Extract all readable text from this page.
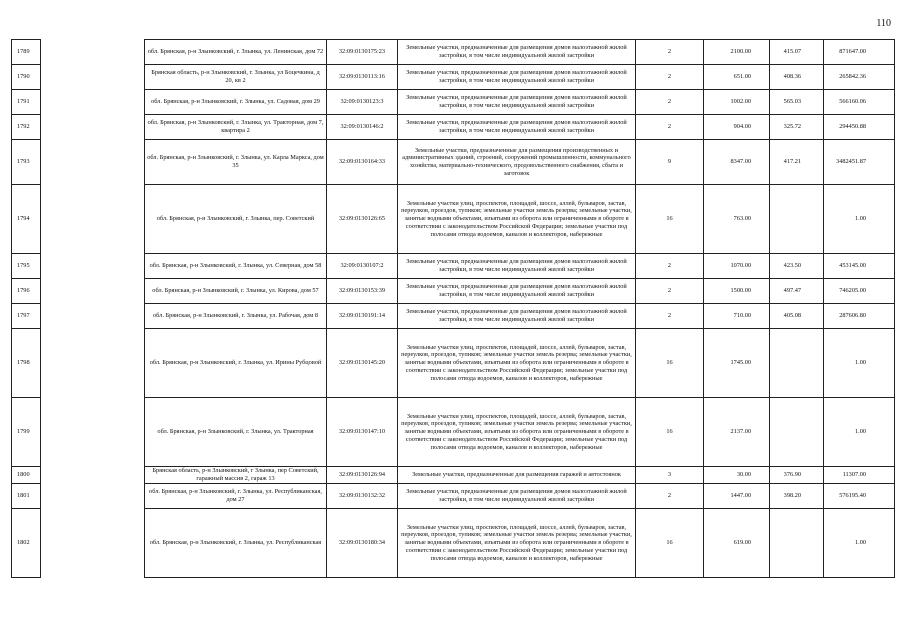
110
1789		обл. Брянская, р-н Злынковский, г. Злынка, ул. Ленинская, дом 72	32:09:0130175:23	Земельные участки, предназначенные для размещения домов малоэтажной жилой застройки, в том числе индивидуальной жилой застройки	2	2100.00	415.07	871647.00
1790		Брянская область, р-н Злынковский, г. Злынка, ул Боцечкина, д 20, кв 2	32:09:0130113:16	Земельные участки, предназначенные для размещения домов малоэтажной жилой застройки, в том числе индивидуальной жилой застройки	2	651.00	408.36	265842.36
1791		обл. Брянская, р-н Злынковский, г. Злынка, ул. Садовая, дом 29	32:09:0130123:3	Земельные участки, предназначенные для размещения домов малоэтажной жилой застройки, в том числе индивидуальной жилой застройки	2	1002.00	565.03	566160.06
1792		обл. Брянская, р-н Злынковский, г. Злынка, ул. Тракторная, дом 7, квартира 2	32:09:0130146:2	Земельные участки, предназначенные для размещения домов малоэтажной жилой застройки, в том числе индивидуальной жилой застройки	2	904.00	325.72	294450.88
1793		обл. Брянская, р-н Злынковский, г. Злынка, ул. Карла Маркса, дом 35	32:09:0130164:33	Земельные участки, предназначенные для размещения производственных и административных зданий, строений, сооружений промышленности, коммунального хозяйства, материально-технического, продовольственного снабжения, сбыта и заготовок	9	8347.00	417.21	3482451.87
1794		обл. Брянская, р-н Злынковский, г. Злынка, пер. Советский	32:09:0130126:65	Земельные участки улиц, проспектов, площадей, шоссе, аллей, бульваров, застав, переулков, проездов, тупиков; земельные участки земель резерва; земельные участки, занятые водными объектами, изъятыми из оборота или ограниченными в обороте в соответствии с законодательством Российской Федерации; земельные участки под полосами отвода водоемов, каналов и коллекторов, набережные	16	763.00		1.00
1795		обл. Брянская, р-н Злынковский, г. Злынка, ул. Северная, дом 58	32:09:0130107:2	Земельные участки, предназначенные для размещения домов малоэтажной жилой застройки, в том числе индивидуальной жилой застройки	2	1070.00	423.50	453145.00
1796		обл. Брянская, р-н Злынковский, г. Злынка, ул. Кирова, дом 57	32:09:0130153:39	Земельные участки, предназначенные для размещения домов малоэтажной жилой застройки, в том числе индивидуальной жилой застройки	2	1500.00	497.47	746205.00
1797		обл. Брянская, р-н Злынковский, г. Злынка, ул. Рабочая, дом 8	32:09:0130191:14	Земельные участки, предназначенные для размещения домов малоэтажной жилой застройки, в том числе индивидуальной жилой застройки	2	710.00	405.08	287606.80
1798		обл. Брянская, р-н Злынковский, г. Злынка, ул. Ирины Рубцовой	32:09:0130145:20	Земельные участки улиц, проспектов, площадей, шоссе, аллей, бульваров, застав, переулков, проездов, тупиков; земельные участки земель резерва; земельные участки, занятые водными объектами, изъятыми из оборота или ограниченными в обороте в соответствии с законодательством Российской Федерации; земельные участки под полосами отвода водоемов, каналов и коллекторов, набережные	16	1745.00		1.00
1799		обл. Брянская, р-н Злынковский, г. Злынка, ул. Тракторная	32:09:0130147:10	Земельные участки улиц, проспектов, площадей, шоссе, аллей, бульваров, застав, переулков, проездов, тупиков; земельные участки земель резерва; земельные участки, занятые водными объектами, изъятыми из оборота или ограниченными в обороте в соответствии с законодательством Российской Федерации; земельные участки под полосами отвода водоемов, каналов и коллекторов, набережные	16	2137.00		1.00
1800		Брянская область, р-н Злынковский, г Злынка, пер Советский, гаражный массив 2, гараж 13	32:09:0130126:94	Земельные участки, предназначенные для размещения гаражей и автостоянок	3	30.00	376.90	11307.00
1801		обл. Брянская, р-н Злынковский, г. Злынка, ул. Республиканская, дом 27	32:09:0130132:32	Земельные участки, предназначенные для размещения домов малоэтажной жилой застройки, в том числе индивидуальной жилой застройки	2	1447.00	398.20	576195.40
1802		обл. Брянская, р-н Злынковский, г. Злынка, ул. Республиканская	32:09:0130180:34	Земельные участки улиц, проспектов, площадей, шоссе, аллей, бульваров, застав, переулков, проездов, тупиков; земельные участки земель резерва; земельные участки, занятые водными объектами, изъятыми из оборота или ограниченными в обороте в соответствии с законодательством Российской Федерации; земельные участки под полосами отвода водоемов, каналов и коллекторов, набережные	16	619.00		1.00
